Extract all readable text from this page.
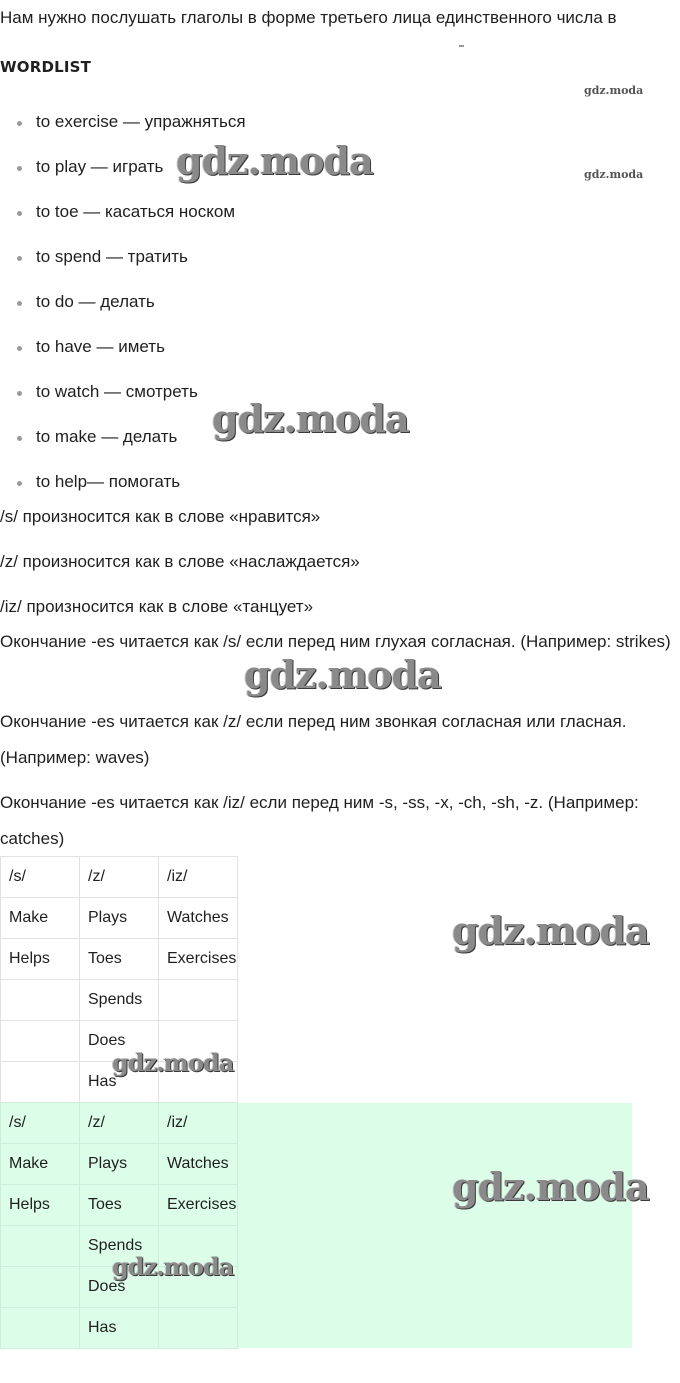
Нам нужно послушать глаголы в форме третьего лица единственного числа в
WORDLIST
to exercise — упражняться
to play — играть
to toe — касаться носком
to spend — тратить
to do — делать
to have — иметь
to watch — смотреть
to make — делать
to help— помогать
/s/ произносится как в слове «нравится»
/z/ произносится как в слове «наслаждается»
/iz/ произносится как в слове «танцует»
Окончание -es читается как /s/ если перед ним глухая согласная. (Например: strikes)
Окончание -es читается как /z/ если перед ним звонкая согласная или гласная. (Например: waves)
Окончание -es читается как /iz/ если перед ним -s, -ss, -x, -ch, -sh, -z. (Например: catches)
/s/	/z/	/iz/
Make	Plays	Watches
Helps	Toes	Exercises
	Spends	
	Does	
	Has	
/s/	/z/	/iz/
Make	Plays	Watches
Helps	Toes	Exercises
	Spends	
	Does	
	Has	
gdz.moda
gdz.moda
gdz.moda
gdz.moda
gdz.moda
gdz.moda
gdz.moda
gdz.moda
gdz.moda
